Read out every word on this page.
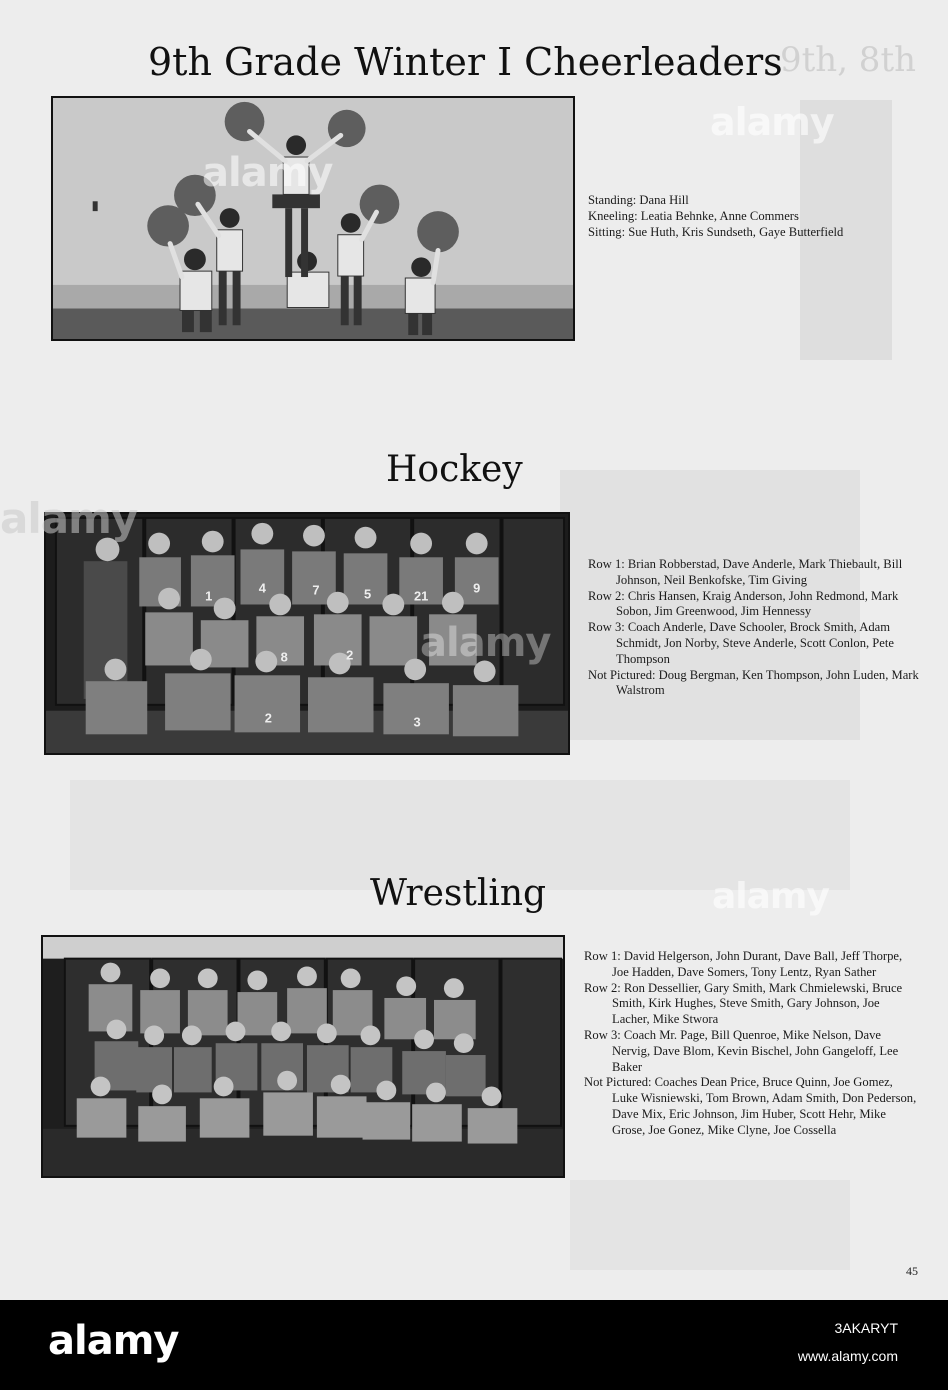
9th, 8th
9th Grade Winter I Cheerleaders
alamy
Standing: Dana Hill
Kneeling: Leatia Behnke, Anne Commers
Sitting: Sue Huth, Kris Sundseth, Gaye Butterfield
Hockey
1
4	7	5	21
9
8	2
2	3
alamy
alamy
Row 1: Brian Robberstad, Dave Anderle, Mark Thiebault, Bill Johnson, Neil Benkofske, Tim Giving
Row 2: Chris Hansen, Kraig Anderson, John Redmond, Mark Sobon, Jim Greenwood, Jim Hennessy
Row 3: Coach Anderle, Dave Schooler, Brock Smith, Adam Schmidt, Jon Norby, Steve Anderle, Scott Conlon, Pete Thompson
Not Pictured: Doug Bergman, Ken Thompson, John Luden, Mark Walstrom
Wrestling	alamy
Row 1: David Helgerson, John Durant, Dave Ball, Jeff Thorpe, Joe Hadden, Dave Somers, Tony Lentz, Ryan Sather
Row 2: Ron Dessellier, Gary Smith, Mark Chmielewski, Bruce Smith, Kirk Hughes, Steve Smith, Gary Johnson, Joe Lacher, Mike Stwora
Row 3: Coach Mr. Page, Bill Quenroe, Mike Nelson, Dave Nervig, Dave Blom, Kevin Bischel, John Gangeloff, Lee Baker
Not Pictured: Coaches Dean Price, Bruce Quinn, Joe Gomez, Luke Wisniewski, Tom Brown, Adam Smith, Don Pederson, Dave Mix, Eric Johnson, Jim Huber, Scott Hehr, Mike Grose, Joe Gonez, Mike Clyne, Joe Cossella
alamy
45
alamy	3AKARYT
www.alamy.com
